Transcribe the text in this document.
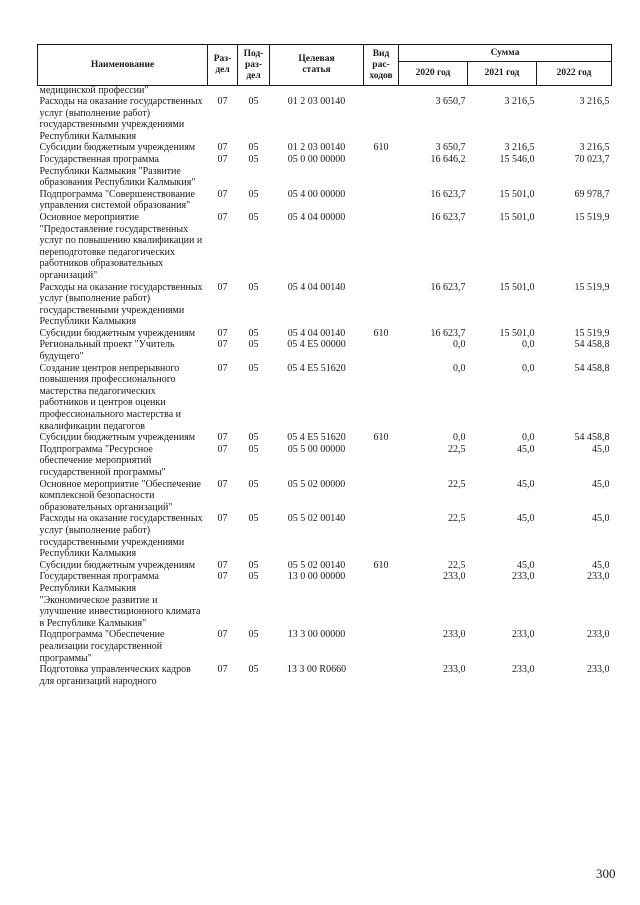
Наименование	Раз-
дел	Под-
раз-
дел	Целевая
статья	Вид
рас-
ходов	Сумма		
					2020 год	2021 год	2022 год
медицинской профессии"							
Расходы на оказание государственных услуг (выполнение работ) государственными учреждениями Республики Калмыкия	07	05	01 2 03 00140		3 650,7	3 216,5	3 216,5
Субсидии бюджетным учреждениям	07	05	01 2 03 00140	610	3 650,7	3 216,5	3 216,5
Государственная программа Республики Калмыкия "Развитие образования Республики Калмыкия"	07	05	05 0 00 00000		16 646,2	15 546,0	70 023,7
Подпрограмма "Совершенствование управления системой образования"	07	05	05 4 00 00000		16 623,7	15 501,0	69 978,7
Основное мероприятие "Предоставление государственных услуг по повышению квалификации и переподготовке педагогических работников образовательных организаций"	07	05	05 4 04 00000		16 623,7	15 501,0	15 519,9
Расходы на оказание государственных услуг (выполнение работ) государственными учреждениями Республики Калмыкия	07	05	05 4 04 00140		16 623,7	15 501,0	15 519,9
Субсидии бюджетным учреждениям	07	05	05 4 04 00140	610	16 623,7	15 501,0	15 519,9
Региональный проект "Учитель будущего"	07	05	05 4 E5 00000		0,0	0,0	54 458,8
Создание центров непрерывного повышения профессионального мастерства педагогических работников и центров оценки профессионального мастерства и квалификации педагогов	07	05	05 4 E5 51620		0,0	0,0	54 458,8
Субсидии бюджетным учреждениям	07	05	05 4 E5 51620	610	0,0	0,0	54 458,8
Подпрограмма "Ресурсное обеспечение мероприятий государственной программы"	07	05	05 5 00 00000		22,5	45,0	45,0
Основное мероприятие "Обеспечение комплексной безопасности образовательных организаций"	07	05	05 5 02 00000		22,5	45,0	45,0
Расходы на оказание государственных услуг (выполнение работ) государственными учреждениями Республики Калмыкия	07	05	05 5 02 00140		22,5	45,0	45,0
Субсидии бюджетным учреждениям	07	05	05 5 02 00140	610	22,5	45,0	45,0
Государственная программа Республики Калмыкия "Экономическое развитие и улучшение инвестиционного климата в Республике Калмыкия"	07	05	13 0 00 00000		233,0	233,0	233,0
Подпрограмма "Обеспечение реализации государственной программы"	07	05	13 3 00 00000		233,0	233,0	233,0
Подготовка управленческих кадров для организаций народного	07	05	13 3 00 R0660		233,0	233,0	233,0
300
